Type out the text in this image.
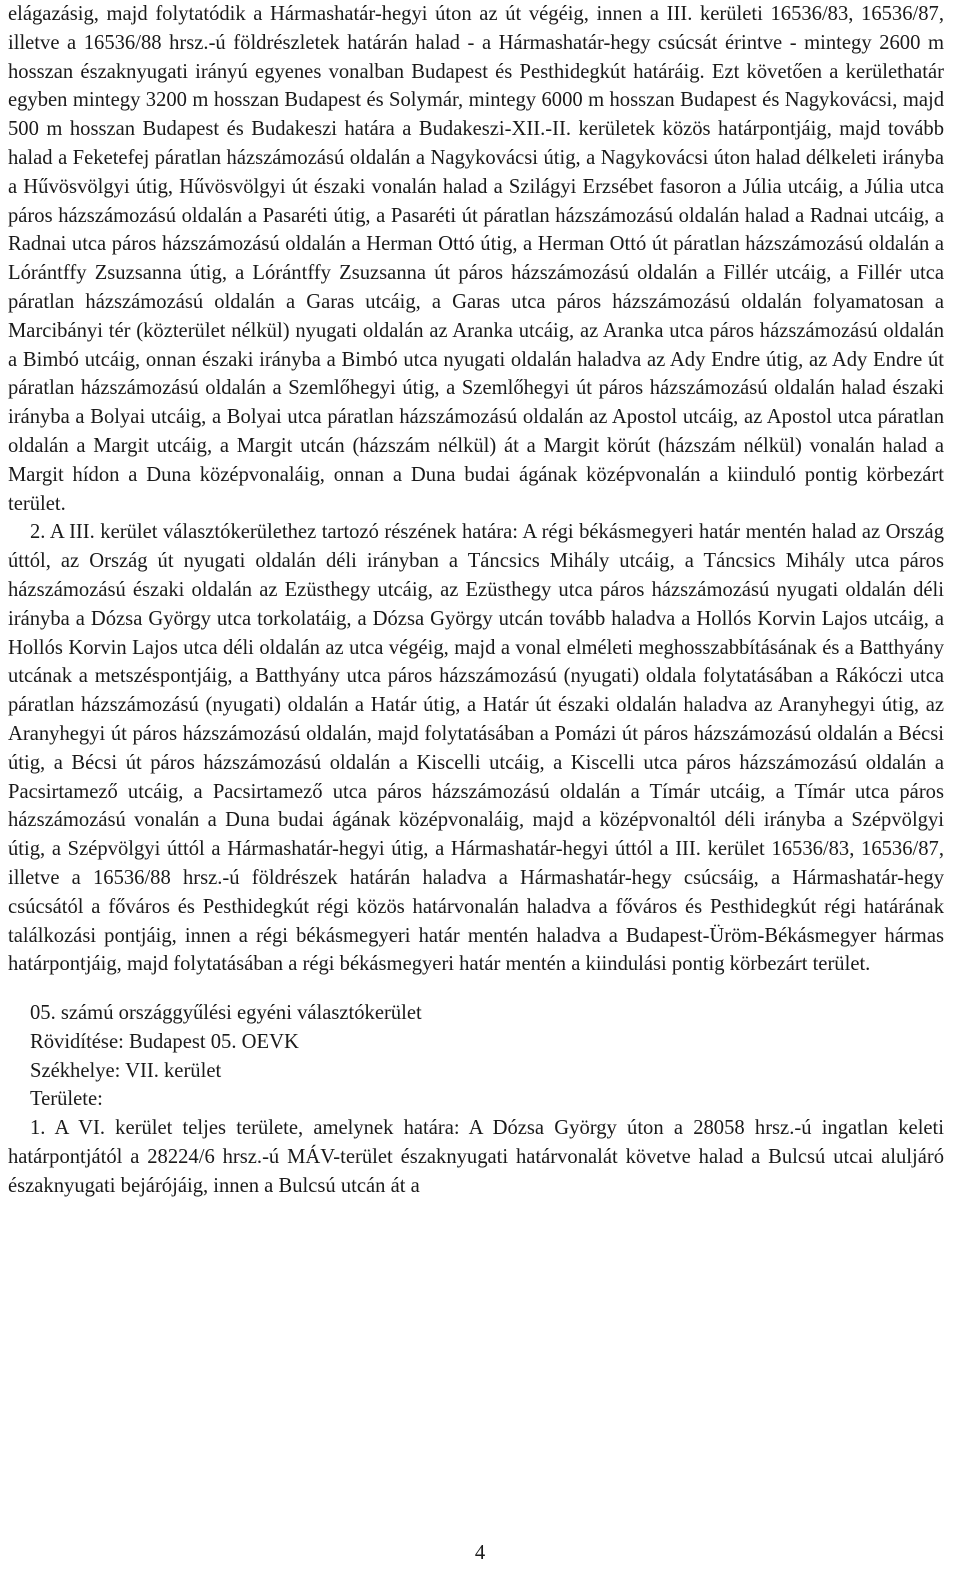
elágazásig, majd folytatódik a Hármashatár-hegyi úton az út végéig, innen a III. kerületi 16536/83, 16536/87, illetve a 16536/88 hrsz.-ú földrészletek határán halad - a Hármashatár-hegy csúcsát érintve - mintegy 2600 m hosszan északnyugati irányú egyenes vonalban Budapest és Pesthidegkút határáig. Ezt követően a kerülethatár egyben mintegy 3200 m hosszan Budapest és Solymár, mintegy 6000 m hosszan Budapest és Nagykovácsi, majd 500 m hosszan Budapest és Budakeszi határa a Budakeszi-XII.-II. kerületek közös határpontjáig, majd tovább halad a Feketefej páratlan házszámozású oldalán a Nagykovácsi útig, a Nagykovácsi úton halad délkeleti irányba a Hűvösvölgyi útig, Hűvösvölgyi út északi vonalán halad a Szilágyi Erzsébet fasoron a Júlia utcáig, a Júlia utca páros házszámozású oldalán a Pasaréti útig, a Pasaréti út páratlan házszámozású oldalán halad a Radnai utcáig, a Radnai utca páros házszámozású oldalán a Herman Ottó útig, a Herman Ottó út páratlan házszámozású oldalán a Lórántffy Zsuzsanna útig, a Lórántffy Zsuzsanna út páros házszámozású oldalán a Fillér utcáig, a Fillér utca páratlan házszámozású oldalán a Garas utcáig, a Garas utca páros házszámozású oldalán folyamatosan a Marcibányi tér (közterület nélkül) nyugati oldalán az Aranka utcáig, az Aranka utca páros házszámozású oldalán a Bimbó utcáig, onnan északi irányba a Bimbó utca nyugati oldalán haladva az Ady Endre útig, az Ady Endre út páratlan házszámozású oldalán a Szemlőhegyi útig, a Szemlőhegyi út páros házszámozású oldalán halad északi irányba a Bolyai utcáig, a Bolyai utca páratlan házszámozású oldalán az Apostol utcáig, az Apostol utca páratlan oldalán a Margit utcáig, a Margit utcán (házszám nélkül) át a Margit körút (házszám nélkül) vonalán halad a Margit hídon a Duna középvonaláig, onnan a Duna budai ágának középvonalán a kiinduló pontig körbezárt terület.

2. A III. kerület választókerülethez tartozó részének határa: A régi békásmegyeri határ mentén halad az Ország úttól, az Ország út nyugati oldalán déli irányban a Táncsics Mihály utcáig, a Táncsics Mihály utca páros házszámozású északi oldalán az Ezüsthegy utcáig, az Ezüsthegy utca páros házszámozású nyugati oldalán déli irányba a Dózsa György utca torkolatáig, a Dózsa György utcán tovább haladva a Hollós Korvin Lajos utcáig, a Hollós Korvin Lajos utca déli oldalán az utca végéig, majd a vonal elméleti meghosszabbításának és a Batthyány utcának a metszéspontjáig, a Batthyány utca páros házszámozású (nyugati) oldala folytatásában a Rákóczi utca páratlan házszámozású (nyugati) oldalán a Határ útig, a Határ út északi oldalán haladva az Aranyhegyi útig, az Aranyhegyi út páros házszámozású oldalán, majd folytatásában a Pomázi út páros házszámozású oldalán a Bécsi útig, a Bécsi út páros házszámozású oldalán a Kiscelli utcáig, a Kiscelli utca páros házszámozású oldalán a Pacsirtamező utcáig, a Pacsirtamező utca páros házszámozású oldalán a Tímár utcáig, a Tímár utca páros házszámozású vonalán a Duna budai ágának középvonaláig, majd a középvonaltól déli irányba a Szépvölgyi útig, a Szépvölgyi úttól a Hármashatár-hegyi útig, a Hármashatár-hegyi úttól a III. kerület 16536/83, 16536/87, illetve a 16536/88 hrsz.-ú földrészek határán haladva a Hármashatár-hegy csúcsáig, a Hármashatár-hegy csúcsától a főváros és Pesthidegkút régi közös határvonalán haladva a főváros és Pesthidegkút régi határának találkozási pontjáig, innen a régi békásmegyeri határ mentén haladva a Budapest-Üröm-Békásmegyer hármas határpontjáig, majd folytatásában a régi békásmegyeri határ mentén a kiindulási pontig körbezárt terület.

05. számú országgyűlési egyéni választókerület

Rövidítése: Budapest 05. OEVK

Székhelye: VII. kerület

Területe:

1. A VI. kerület teljes területe, amelynek határa: A Dózsa György úton a 28058 hrsz.-ú ingatlan keleti határpontjától a 28224/6 hrsz.-ú MÁV-terület északnyugati határvonalát követve halad a Bulcsú utcai aluljáró északnyugati bejárójáig, innen a Bulcsú utcán át a

4
